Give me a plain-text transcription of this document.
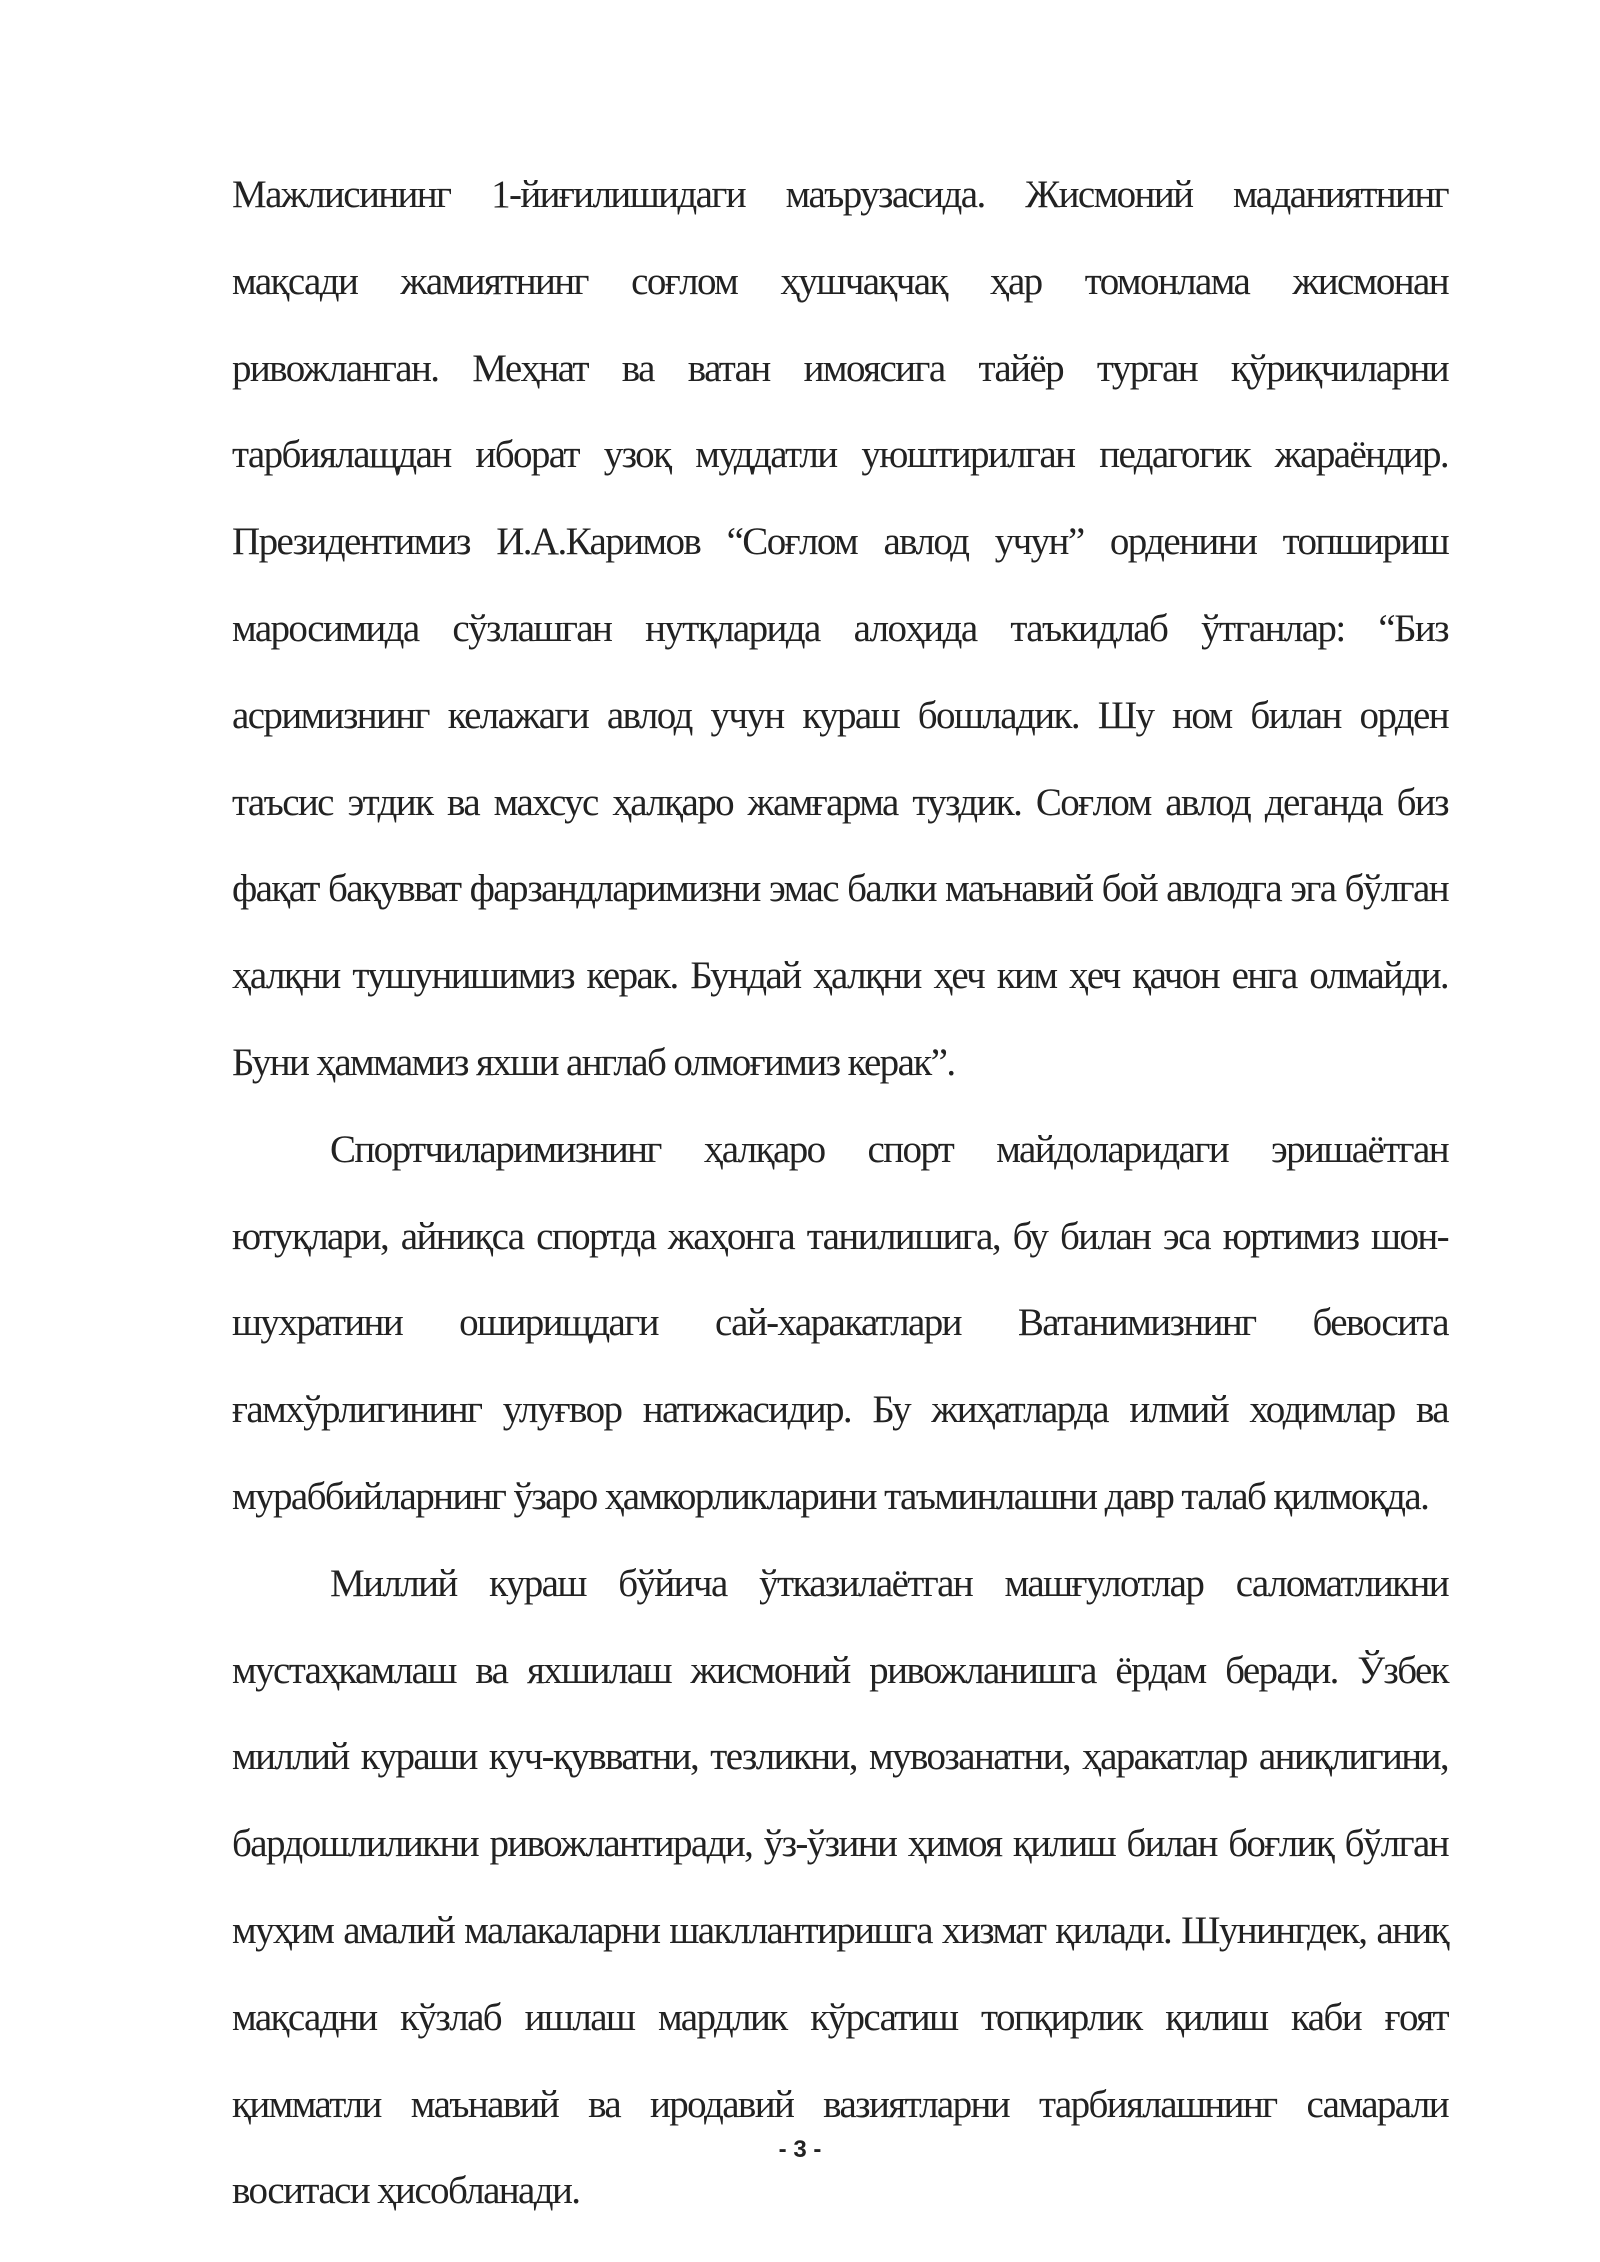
Мажлисининг 1-йиғилишидаги маърузасида. Жисмоний маданиятнинг мақсади жамиятнинг соғлом ҳушчақчақ ҳар томонлама жисмонан ривожланган. Меҳнат ва ватан имоясига тайёр турган қўриқчиларни тарбиялащдан иборат узоқ муддатли уюштирилган педагогик жараёндир. Президентимиз И.А.Каримов “Соғлом авлод учун” орденини топшириш маросимида сўзлашган нутқларида алоҳида таъкидлаб ўтганлар: “Биз асримизнинг келажаги авлод учун кураш бошладик. Шу ном билан орден таъсис этдик ва махсус ҳалқаро жамғарма туздик. Соғлом авлод деганда биз фақат бақувват фарзандларимизни эмас балки маънавий бой авлодга эга бўлган ҳалқни тушунишимиз керак. Бундай ҳалқни ҳеч ким ҳеч қачон енга олмайди. Буни ҳаммамиз яхши англаб олмоғимиз керак”.

Спортчиларимизнинг ҳалқаро спорт майдоларидаги эришаётган ютуқлари, айниқса спортда жаҳонга танилишига, бу билан эса юртимиз шон-шухратини оширищдаги сай-харакатлари Ватанимизнинг бевосита ғамхўрлигининг улуғвор натижасидир. Бу жиҳатларда илмий ходимлар ва мураббийларнинг ўзаро ҳамкорликларини таъминлашни давр талаб қилмоқда.

Миллий кураш бўйича ўтказилаётган машғулотлар саломатликни мустаҳкамлаш ва яхшилаш жисмоний ривожланишга ёрдам беради. Ўзбек миллий кураши куч-қувватни, тезликни, мувозанатни, ҳаракатлар аниқлигини, бардошлиликни ривожлантиради, ўз-ўзини ҳимоя қилиш билан боғлиқ бўлган муҳим амалий малакаларни шакллантиришга хизмат қилади. Шунингдек, аниқ мақсадни кўзлаб ишлаш мардлик кўрсатиш топқирлик қилиш каби ғоят қимматли маънавий ва иродавий вазиятларни тарбиялашнинг самарали воситаси ҳисобланади.

- 3 -
